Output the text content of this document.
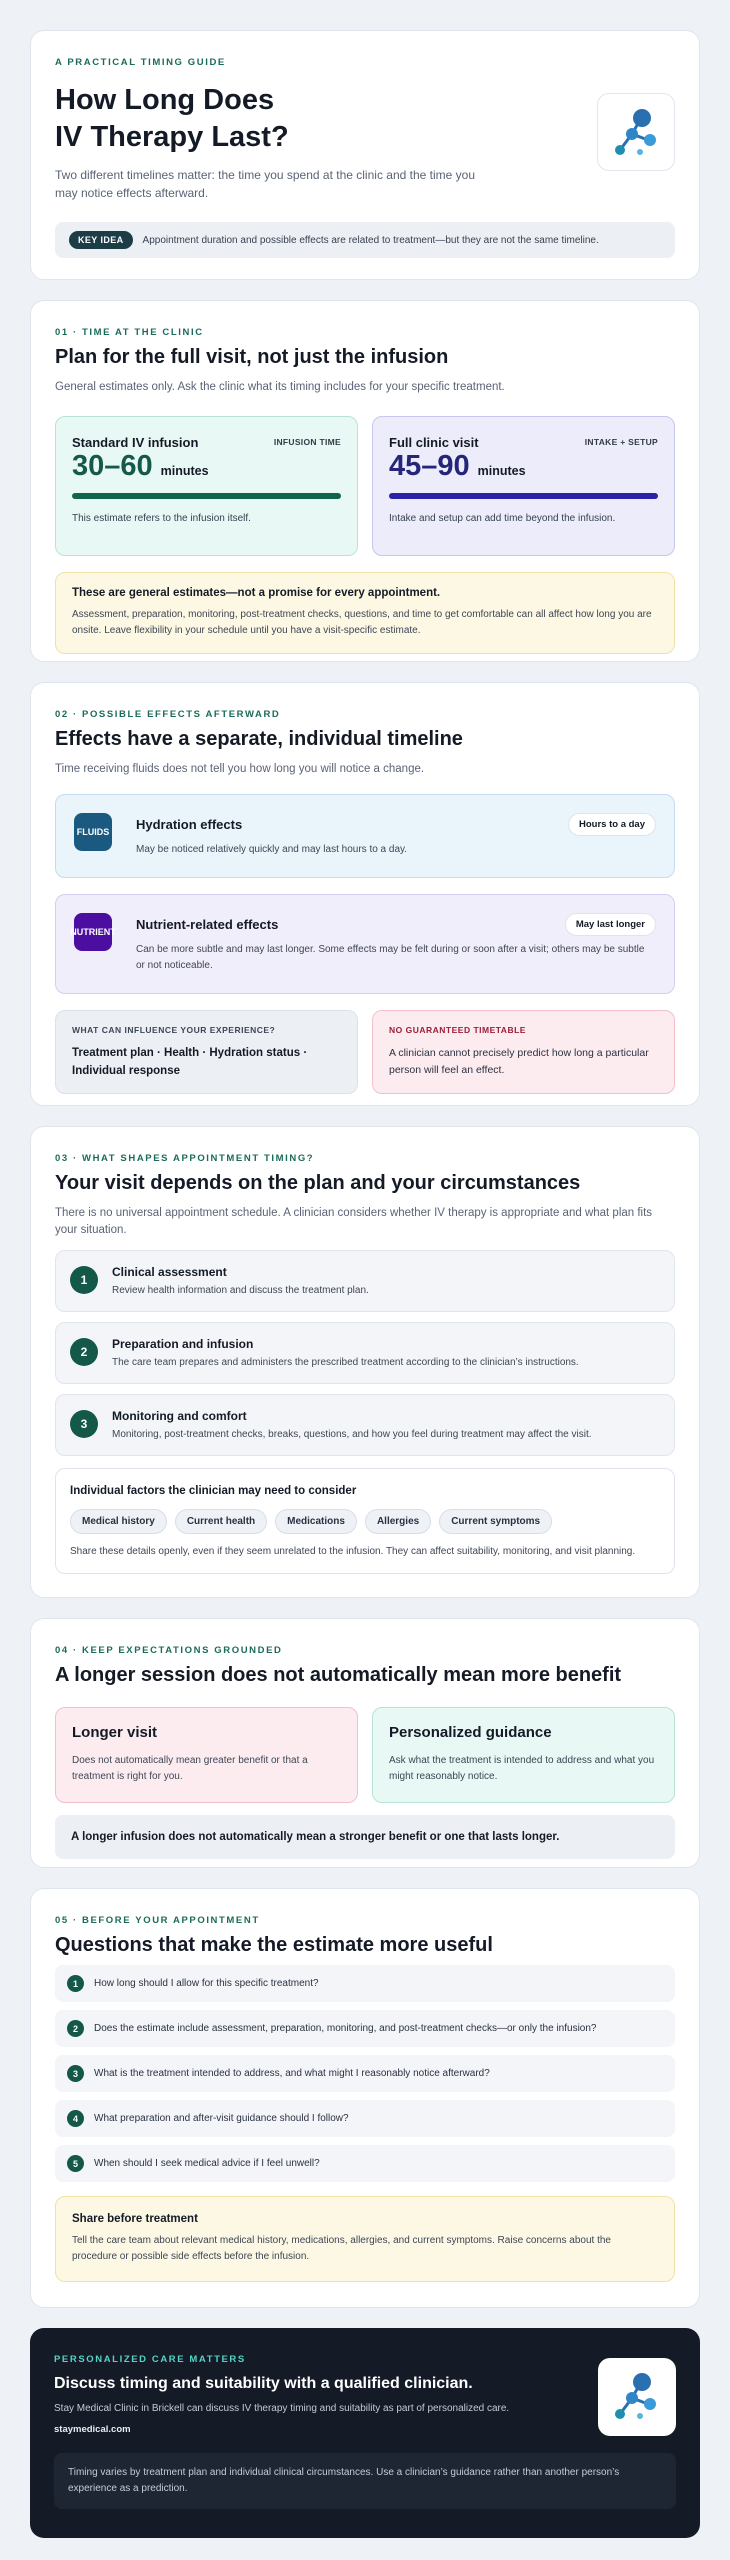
A PRACTICAL TIMING GUIDE
How Long Does
IV Therapy Last?
Two different timelines matter: the time you spend at the clinic and the time you may notice effects afterward.
KEY IDEA	Appointment duration and possible effects are related to treatment—but they are not the same timeline.
01 · TIME AT THE CLINIC
Plan for the full visit, not just the infusion
General estimates only. Ask the clinic what its timing includes for your specific treatment.
Standard IV infusion	INFUSION TIME
30–60 minutes
This estimate refers to the infusion itself.
Full clinic visit	INTAKE + SETUP
45–90 minutes
Intake and setup can add time beyond the infusion.
These are general estimates—not a promise for every appointment.
Assessment, preparation, monitoring, post-treatment checks, questions, and time to get comfortable can all affect how long you are onsite. Leave flexibility in your schedule until you have a visit-specific estimate.
02 · POSSIBLE EFFECTS AFTERWARD
Effects have a separate, individual timeline
Time receiving fluids does not tell you how long you will notice a change.
FLUIDS Hydration effects
May be noticed relatively quickly and may last hours to a day.
Hours to a day
NUTRIENT Nutrient-related effects
Can be more subtle and may last longer. Some effects may be felt during or soon after a visit; others may be subtle or not noticeable.
May last longer
WHAT CAN INFLUENCE YOUR EXPERIENCE?
Treatment plan · Health · Hydration status · Individual response
NO GUARANTEED TIMETABLE
A clinician cannot precisely predict how long a particular person will feel an effect.
03 · WHAT SHAPES APPOINTMENT TIMING?
Your visit depends on the plan and your circumstances
There is no universal appointment schedule. A clinician considers whether IV therapy is appropriate and what plan fits your situation.
1
Clinical assessment
Review health information and discuss the treatment plan.
2
Preparation and infusion
The care team prepares and administers the prescribed treatment according to the clinician’s instructions.
3
Monitoring and comfort
Monitoring, post-treatment checks, breaks, questions, and how you feel during treatment may affect the visit.
Individual factors the clinician may need to consider
Medical history	Current health	Medications	Allergies	Current symptoms
Share these details openly, even if they seem unrelated to the infusion. They can affect suitability, monitoring, and visit planning.
04 · KEEP EXPECTATIONS GROUNDED
A longer session does not automatically mean more benefit
Longer visit
Does not automatically mean greater benefit or that a treatment is right for you.
Personalized guidance
Ask what the treatment is intended to address and what you might reasonably notice.
A longer infusion does not automatically mean a stronger benefit or one that lasts longer.
05 · BEFORE YOUR APPOINTMENT
Questions that make the estimate more useful
1	How long should I allow for this specific treatment?
2	Does the estimate include assessment, preparation, monitoring, and post-treatment checks—or only the infusion?
3	What is the treatment intended to address, and what might I reasonably notice afterward?
4	What preparation and after-visit guidance should I follow?
5	When should I seek medical advice if I feel unwell?
Share before treatment
Tell the care team about relevant medical history, medications, allergies, and current symptoms. Raise concerns about the procedure or possible side effects before the infusion.
PERSONALIZED CARE MATTERS
Discuss timing and suitability with a qualified clinician.
Stay Medical Clinic in Brickell can discuss IV therapy timing and suitability as part of personalized care.
staymedical.com
Timing varies by treatment plan and individual clinical circumstances. Use a clinician’s guidance rather than another person’s experience as a prediction.
